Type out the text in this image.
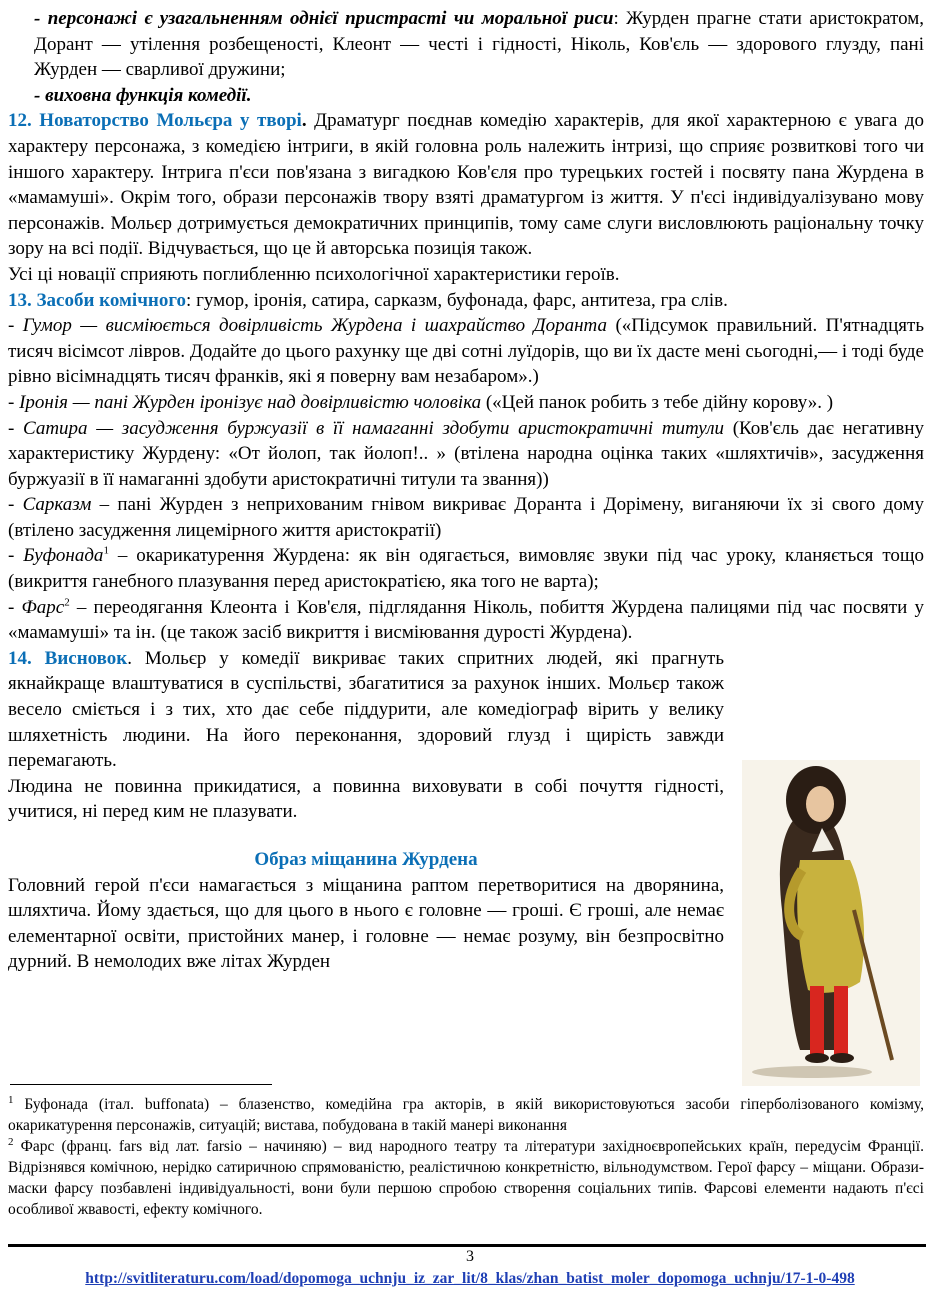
- персонажі є узагальненням однієї пристрасті чи моральної риси: Журден прагне стати аристократом, Дорант — утілення розбещеності, Клеонт — честі і гідності, Ніколь, Ков'єль — здорового глузду, пані Журден — сварливої дружини;

- виховна функція комедії.

12. Новаторство Мольєра у творі. Драматург поєднав комедію характерів, для якої характерною є увага до характеру персонажа, з комедією інтриги, в якій головна роль належить інтризі, що сприяє розвиткові того чи іншого характеру. Інтрига п'єси пов'язана з вигадкою Ков'єля про турецьких гостей і посвяту пана Журдена в «мамамуші». Окрім того, образи персонажів твору взяті драматургом із життя. У п'єсі індивідуалізувано мову персонажів. Мольєр дотримується демократичних принципів, тому саме слуги висловлюють раціональну точку зору на всі події. Відчувається, що це й авторська позиція також.

Усі ці новації сприяють поглибленню психологічної характеристики героїв.

13. Засоби комічного: гумор, іронія, сатира, сарказм, буфонада, фарс, антитеза, гра слів.

- Гумор — висміюється довірливість Журдена і шахрайство Доранта («Підсумок правильний. П'ятнадцять тисяч вісімсот лівров. Додайте до цього рахунку ще дві сотні луїдорів, що ви їх дасте мені сьогодні,— і тоді буде рівно вісімнадцять тисяч франків, які я поверну вам незабаром».)

- Іронія — пані Журден іронізує над довірливістю чоловіка («Цей панок робить з тебе дійну корову». )

- Сатира — засудження буржуазії в її намаганні здобути аристократичні титули (Ков'єль дає негативну характеристику Журдену: «От йолоп, так йолоп!.. » (втілена народна оцінка таких «шляхтичів», засудження буржуазії в її намаганні здобути аристократичні титули та звання))

- Сарказм – пані Журден з неприхованим гнівом викриває Доранта і Дорімену, виганяючи їх зі свого дому (втілено засудження лицемірного життя аристократії)

- Буфонада$^1$ – окарикатурення Журдена: як він одягається, вимовляє звуки під час уроку, кланяється тощо (викриття ганебного плазування перед аристократією, яка того не варта);

- Фарс$^2$ – переодягання Клеонта і Ков'єля, підглядання Ніколь, побиття Журдена палицями під час посвяти у «мамамуші» та ін. (це також засіб викриття і висміювання дурості Журдена).

14. Висновок. Мольєр у комедії викриває таких спритних людей, які прагнуть якнайкраще влаштуватися в суспільстві, збагатитися за рахунок інших. Мольєр також весело сміється і з тих, хто дає себе піддурити, але комедіограф вірить у велику шляхетність людини. На його переконання, здоровий глузд і щирість завжди перемагають.

Людина не повинна прикидатися, а повинна виховувати в собі почуття гідності, учитися, ні перед ким не плазувати.

Образ міщанина Журдена

Головний герой п'єси намагається з міщанина раптом перетворитися на дворянина, шляхтича. Йому здається, що для цього в нього є головне — гроші. Є гроші, але немає елементарної освіти, пристойних манер, і головне — немає розуму, він безпросвітно дурний. В немолодих вже літах Журден

$^1$ Буфонада (італ. buffonata) – блазенство, комедійна гра акторів, в якій використовуються засоби гіперболізованого комізму, окарикатурення персонажів, ситуацій; вистава, побудована в такій манері виконання

$^2$ Фарс (франц. fars від лат. farsio – начиняю) – вид народного театру та літератури західноєвропейських країн, передусім Франції. Відрізнявся комічною, нерідко сатиричною спрямованістю, реалістичною конкретністю, вільнодумством. Герої фарсу – міщани. Образи-маски фарсу позбавлені індивідуальності, вони були першою спробою створення соціальних типів. Фарсові елементи надають п'єсі особливої жвавості, ефекту комічного.

3
http://svitliteraturu.com/load/dopomoga_uchnju_iz_zar_lit/8_klas/zhan_batist_moler_dopomoga_uchnju/17-1-0-498
